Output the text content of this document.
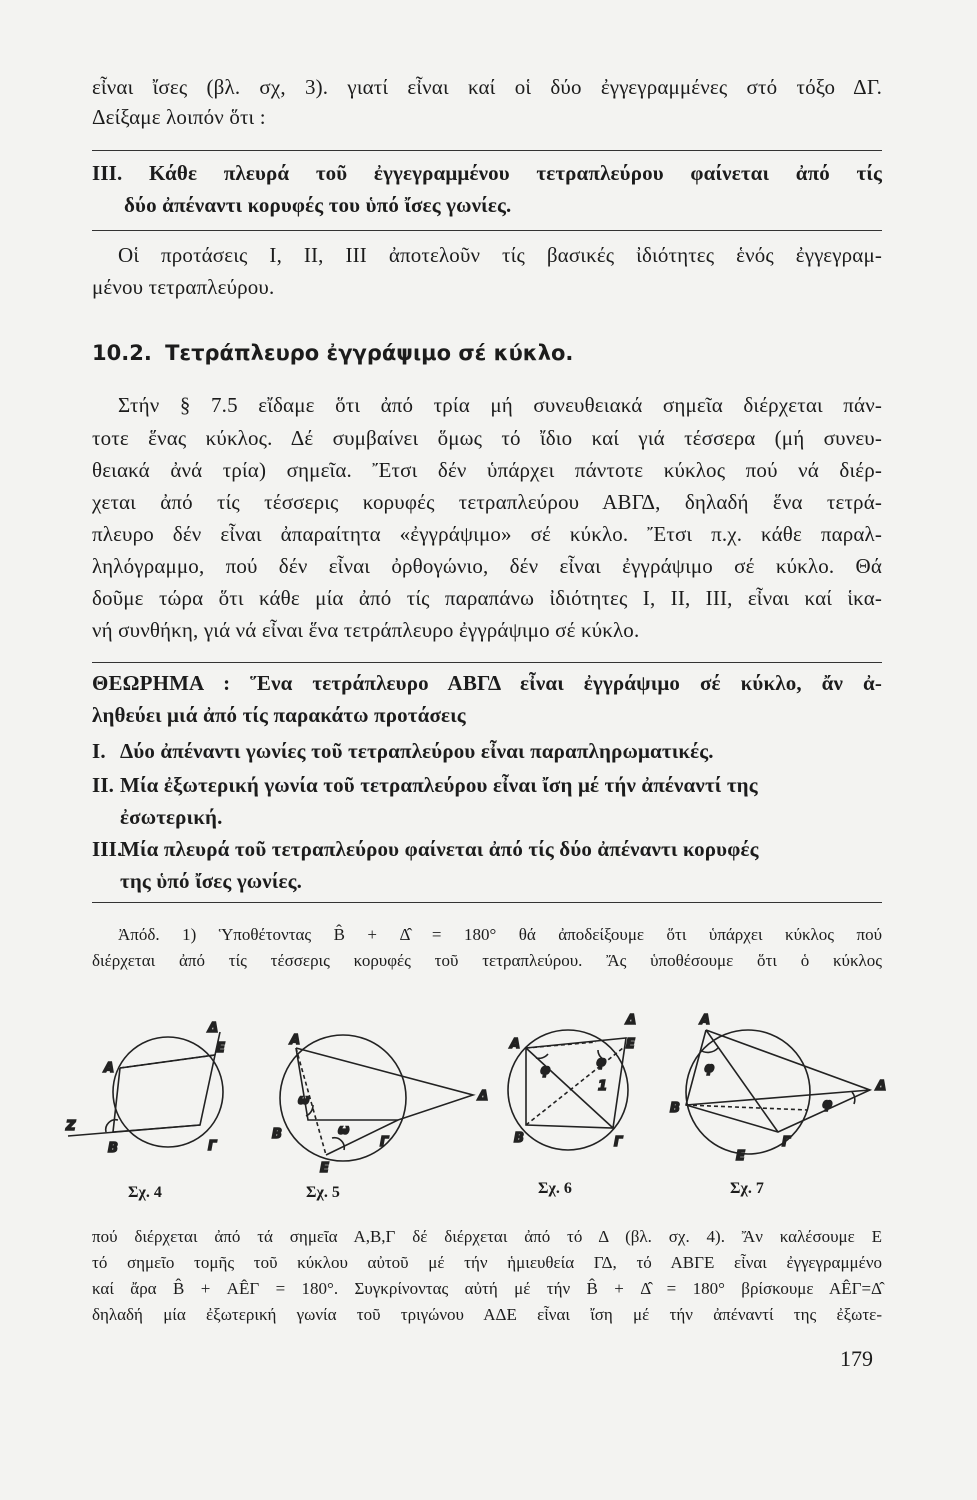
εἶναι ἴσες (βλ. σχ, 3). γιατί εἶναι καί οἱ δύο ἐγγεγραμμένες στό τόξο ΔΓ.
Δείξαμε λοιπόν ὅτι :
ΙΙΙ. Κάθε πλευρά τοῦ ἐγγεγραμμένου τετραπλεύρου φαίνεται ἀπό τίς
δύο ἀπέναντι κορυφές του ὑπό ἴσες γωνίες.
Οἱ προτάσεις Ι, ΙΙ, ΙΙΙ ἀποτελοῦν τίς βασικές ἰδιότητες ἑνός ἐγγεγραμ-
μένου τετραπλεύρου.
10.2. Τετράπλευρο ἐγγράψιμο σέ κύκλο.
Στήν § 7.5 εἴδαμε ὅτι ἀπό τρία μή συνευθειακά σημεῖα διέρχεται πάν-
τοτε ἕνας κύκλος. Δέ συμβαίνει ὅμως τό ἴδιο καί γιά τέσσερα (μή συνευ-
θειακά ἀνά τρία) σημεῖα. Ἔτσι δέν ὑπάρχει πάντοτε κύκλος πού νά διέρ-
χεται ἀπό τίς τέσσερις κορυφές τετραπλεύρου ΑΒΓΔ, δηλαδή ἕνα τετρά-
πλευρο δέν εἶναι ἀπαραίτητα «ἐγγράψιμο» σέ κύκλο. Ἔτσι π.χ. κάθε παραλ-
ληλόγραμμο, πού δέν εἶναι ὀρθογώνιο, δέν εἶναι ἐγγράψιμο σέ κύκλο. Θά
δοῦμε τώρα ὅτι κάθε μία ἀπό τίς παραπάνω ἰδιότητες Ι, ΙΙ, ΙΙΙ, εἶναι καί ἱκα-
νή συνθήκη, γιά νά εἶναι ἕνα τετράπλευρο ἐγγράψιμο σέ κύκλο.
ΘΕΩΡΗΜΑ : Ἕνα τετράπλευρο ΑΒΓΔ εἶναι ἐγγράψιμο σέ κύκλο, ἄν ἀ-
ληθεύει μιά ἀπό τίς παρακάτω προτάσεις
Ι. Δύο ἀπέναντι γωνίες τοῦ τετραπλεύρου εἶναι παραπληρωματικές.
ΙΙ. Μία ἐξωτερική γωνία τοῦ τετραπλεύρου εἶναι ἴση μέ τήν ἀπέναντί της
ἐσωτερική.
ΙΙΙ.Μία πλευρά τοῦ τετραπλεύρου φαίνεται ἀπό τίς δύο ἀπέναντι κορυφές
της ὑπό ἴσες γωνίες.
Ἀπόδ. 1) Ὑποθέτοντας B̂ + Δ̂ = 180° θά ἀποδείξουμε ὅτι ὑπάρχει κύκλος πού
διέρχεται ἀπό τίς τέσσερις κορυφές τοῦ τετραπλεύρου. Ἄς ὑποθέσουμε ὅτι ὁ κύκλος
Δ
E
A
Z
B	Γ
A
B
Γ
Δ
E
ω
ω
A
Δ
E
B	Γ
φ
φ
1
A
B
Γ
Δ
E
φ
φ
Σχ. 4	Σχ. 5	Σχ. 6	Σχ. 7
πού διέρχεται ἀπό τά σημεῖα Α,Β,Γ δέ διέρχεται ἀπό τό Δ (βλ. σχ. 4). Ἄν καλέσουμε Ε
τό σημεῖο τομῆς τοῦ κύκλου αὐτοῦ μέ τήν ἡμιευθεία ΓΔ, τό ΑΒΓΕ εἶναι ἐγγεγραμμένο
καί ἄρα B̂ + ΑÊΓ = 180°. Συγκρίνοντας αὐτή μέ τήν B̂ + Δ̂ = 180° βρίσκουμε ΑÊΓ=Δ̂
δηλαδή μία ἐξωτερική γωνία τοῦ τριγώνου ΑΔΕ εἶναι ἴση μέ τήν ἀπέναντί της ἐξωτε-
179
